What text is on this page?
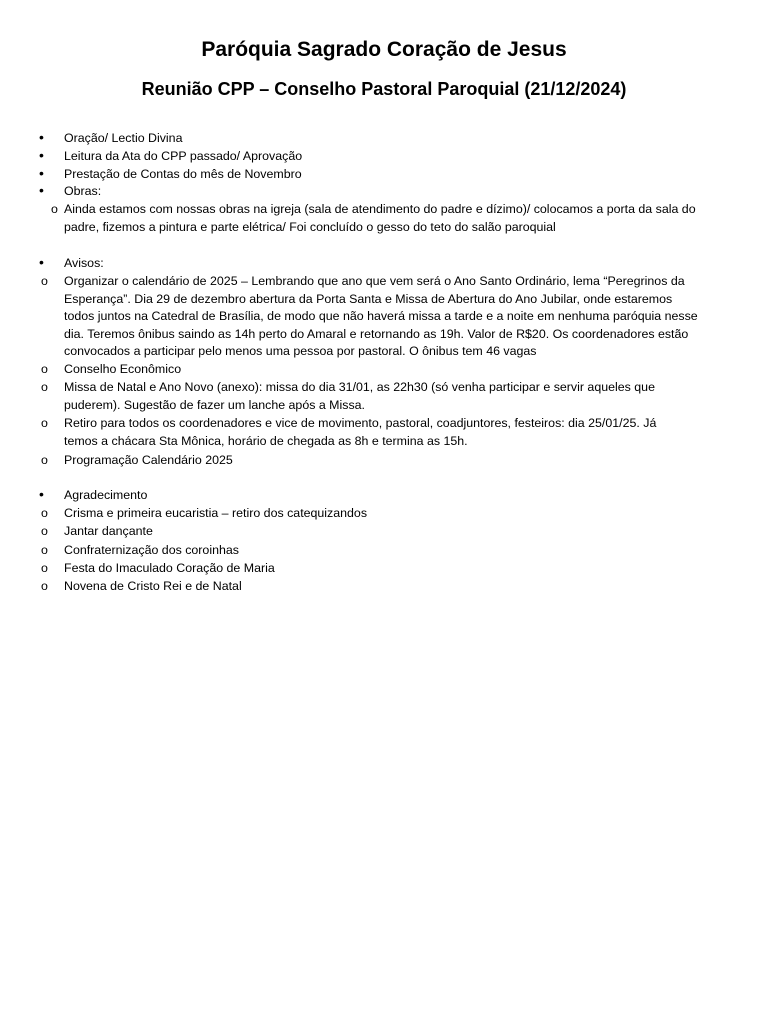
Paróquia Sagrado Coração de Jesus
Reunião CPP – Conselho Pastoral Paroquial (21/12/2024)
• Oração/ Lectio Divina

• Leitura da Ata do CPP passado/ Aprovação

• Prestação de Contas do mês de Novembro

• Obras:

o Ainda estamos com nossas obras na igreja (sala de atendimento do padre e dízimo)/ colocamos a porta da sala do

padre, fizemos a pintura e parte elétrica/ Foi concluído o gesso do teto do salão paroquial

• Avisos:

o Organizar o calendário de 2025 – Lembrando que ano que vem será o Ano Santo Ordinário, lema “Peregrinos da

Esperança”. Dia 29 de dezembro abertura da Porta Santa e Missa de Abertura do Ano Jubilar, onde estaremos

todos juntos na Catedral de Brasília, de modo que não haverá missa a tarde e a noite em nenhuma paróquia nesse

dia. Teremos ônibus saindo as 14h perto do Amaral e retornando as 19h. Valor de R$20. Os coordenadores estão

convocados a participar pelo menos uma pessoa por pastoral. O ônibus tem 46 vagas

o Conselho Econômico

o Missa de Natal e Ano Novo (anexo): missa do dia 31/01, as 22h30 (só venha participar e servir aqueles que

puderem). Sugestão de fazer um lanche após a Missa.

o Retiro para todos os coordenadores e vice de movimento, pastoral, coadjuntores, festeiros: dia 25/01/25. Já

temos a chácara Sta Mônica, horário de chegada as 8h e termina as 15h.

o Programação Calendário 2025

• Agradecimento

o Crisma e primeira eucaristia – retiro dos catequizandos

o Jantar dançante

o Confraternização dos coroinhas

o Festa do Imaculado Coração de Maria

o Novena de Cristo Rei e de Natal
